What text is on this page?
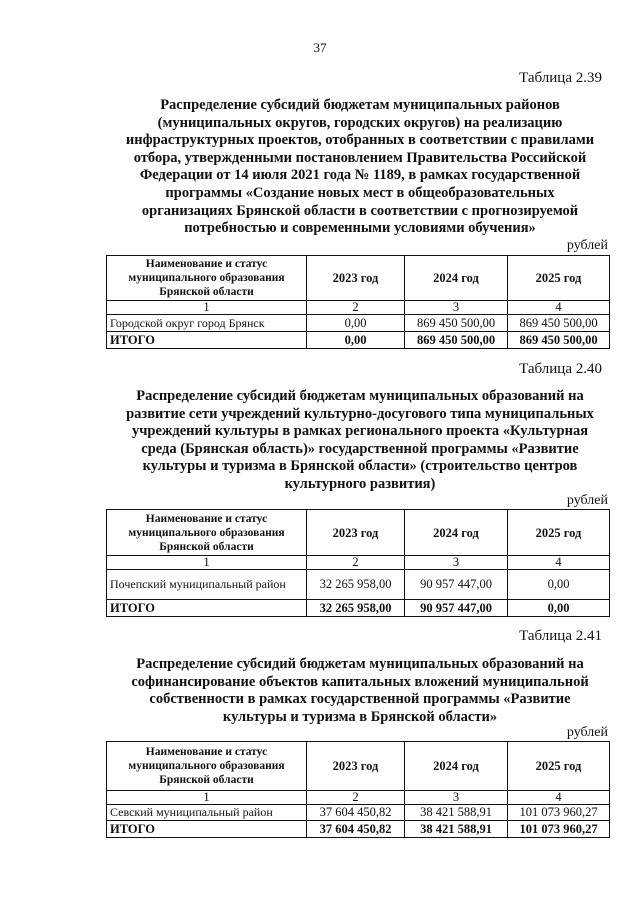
37
Таблица 2.39
Распределение субсидий бюджетам муниципальных районов
(муниципальных округов, городских округов) на реализацию
инфраструктурных проектов, отобранных в соответствии с правилами
отбора, утвержденными постановлением Правительства Российской
Федерации от 14 июля 2021 года № 1189, в рамках государственной
программы «Создание новых мест в общеобразовательных
организациях Брянской области в соответствии с прогнозируемой
потребностью и современными условиями обучения»
рублей
Наименование и статус муниципального образования Брянской области	2023 год	2024 год	2025 год
1	2	3	4
Городской округ город Брянск	0,00	869 450 500,00	869 450 500,00
ИТОГО	0,00	869 450 500,00	869 450 500,00
Таблица 2.40
Распределение субсидий бюджетам муниципальных образований на
развитие сети учреждений культурно-досугового типа муниципальных
учреждений культуры в рамках регионального проекта «Культурная
среда (Брянская область)» государственной программы «Развитие
культуры и туризма в Брянской области» (строительство центров
культурного развития)
рублей
Наименование и статус муниципального образования Брянской области	2023 год	2024 год	2025 год
1	2	3	4
Почепский муниципальный район	32 265 958,00	90 957 447,00	0,00
ИТОГО	32 265 958,00	90 957 447,00	0,00
Таблица 2.41
Распределение субсидий бюджетам муниципальных образований на
софинансирование объектов капитальных вложений муниципальной
собственности в рамках государственной программы «Развитие
культуры и туризма в Брянской области»
рублей
Наименование и статус муниципального образования Брянской области	2023 год	2024 год	2025 год
1	2	3	4
Севский муниципальный район	37 604 450,82	38 421 588,91	101 073 960,27
ИТОГО	37 604 450,82	38 421 588,91	101 073 960,27
